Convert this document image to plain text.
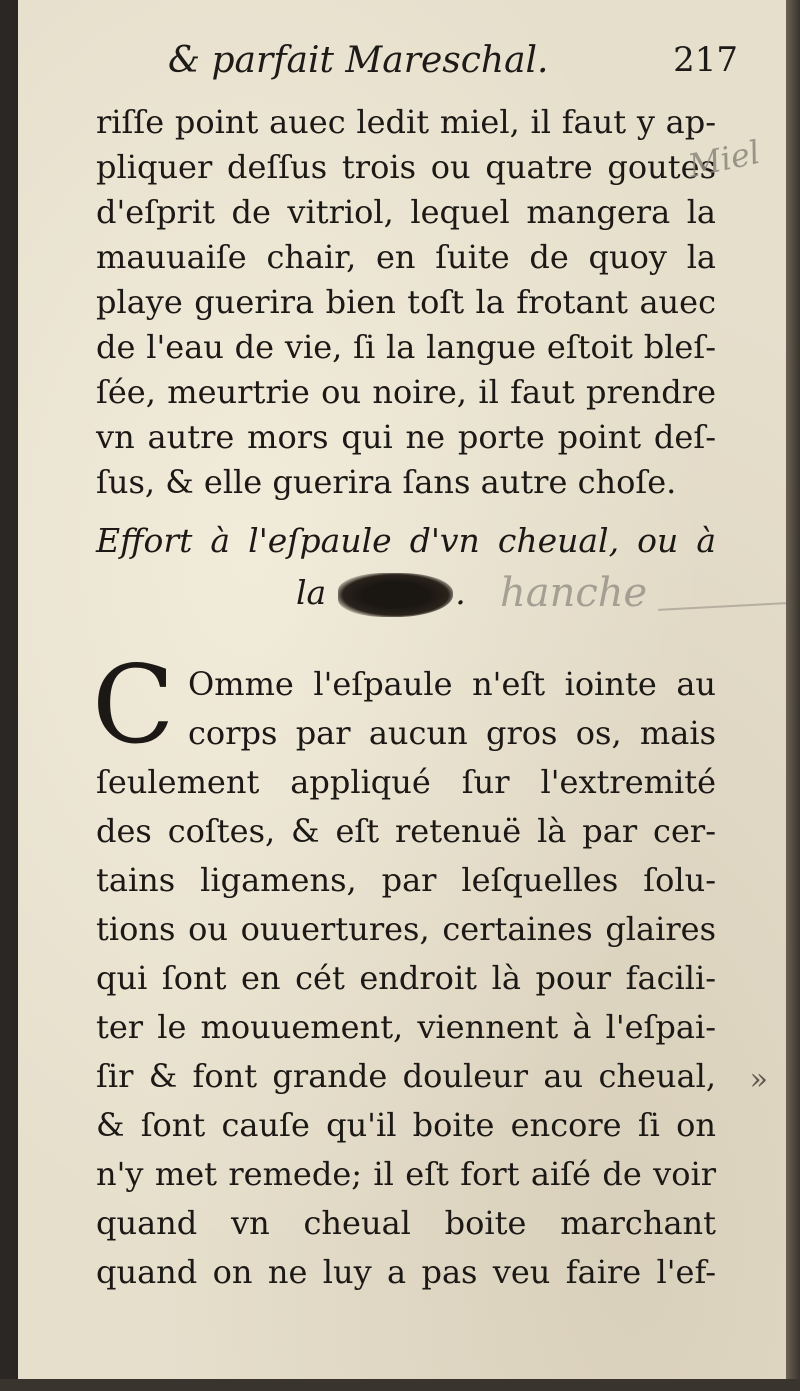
& parfait Mareschal.	217
riſſe point auec ledit miel, il faut y ap-
pliquer deſſus trois ou quatre goutes
d'eſprit de vitriol, lequel mangera la
mauuaiſe chair, en ſuite de quoy la
playe guerira bien toſt la frotant auec
de l'eau de vie, ſi la langue eſtoit bleſ-
ſée, meurtrie ou noire, il faut prendre
vn autre mors qui ne porte point deſ-
ſus, & elle guerira ſans autre choſe.
Effort à l'eſpaule d'vn cheual, ou à
la	.
Miel
hanche
»
C Omme l'eſpaule n'eſt iointe au
corps par aucun gros os, mais
ſeulement appliqué ſur l'extremité
des coſtes, & eſt retenuë là par cer-
tains ligamens, par leſquelles ſolu-
tions ou ouuertures, certaines glaires
qui ſont en cét endroit là pour facili-
ter le mouuement, viennent à l'eſpai-
ſir & font grande douleur au cheual,
& ſont cauſe qu'il boite encore ſi on
n'y met remede; il eſt fort aiſé de voir
quand vn cheual boite marchant
quand on ne luy a pas veu faire l'ef-
